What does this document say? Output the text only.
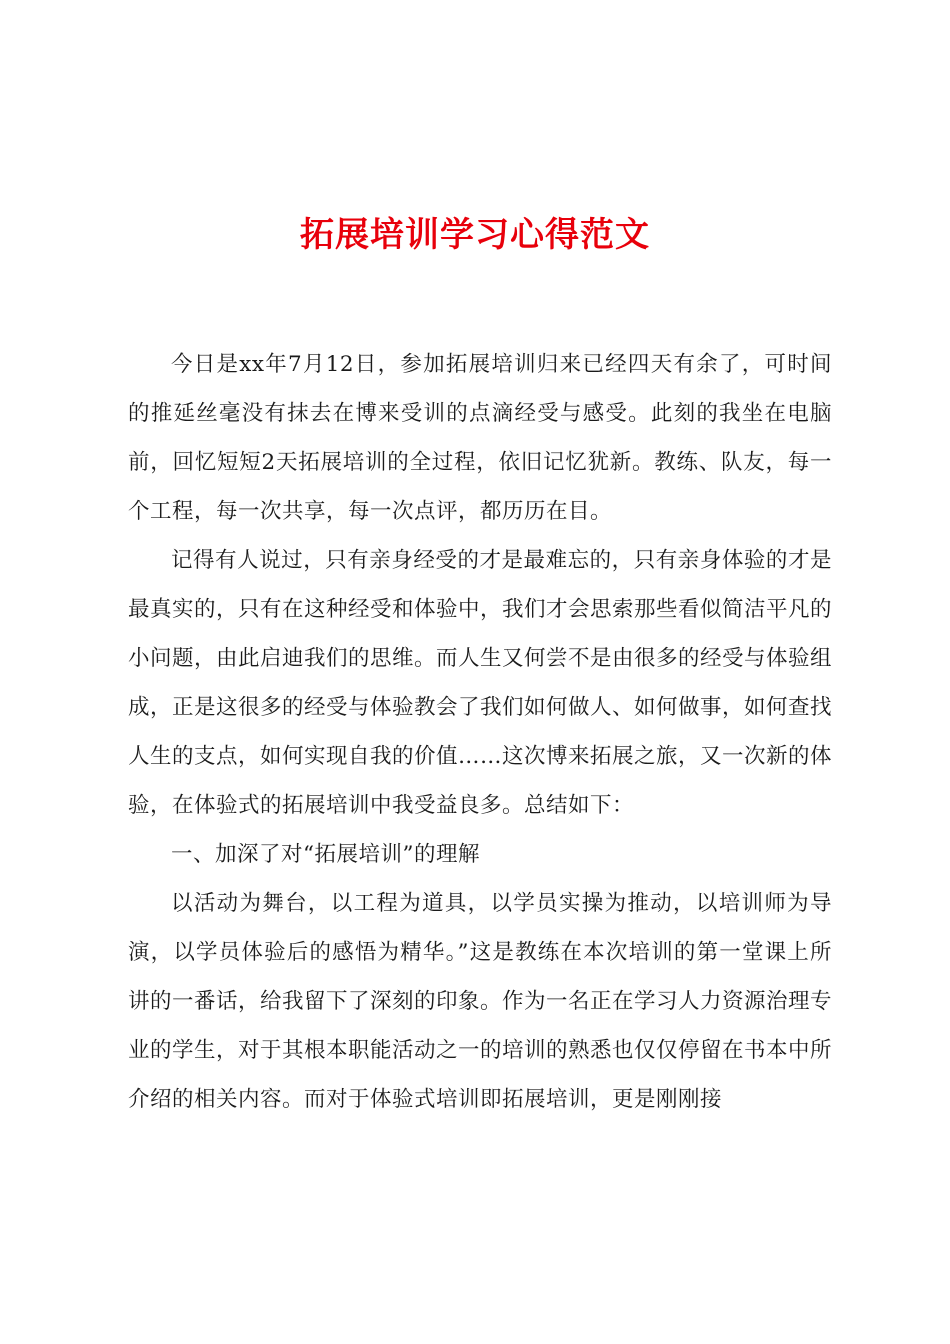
拓展培训学习心得范文

今日是xx年7月12日，参加拓展培训归来已经四天有余了，可时间的推延丝毫没有抹去在博来受训的点滴经受与感受。此刻的我坐在电脑前，回忆短短2天拓展培训的全过程，依旧记忆犹新。教练、队友，每一个工程，每一次共享，每一次点评，都历历在目。

记得有人说过，只有亲身经受的才是最难忘的，只有亲身体验的才是最真实的，只有在这种经受和体验中，我们才会思索那些看似简洁平凡的小问题，由此启迪我们的思维。而人生又何尝不是由很多的经受与体验组成，正是这很多的经受与体验教会了我们如何做人、如何做事，如何查找人生的支点，如何实现自我的价值……这次博来拓展之旅，又一次新的体验，在体验式的拓展培训中我受益良多。总结如下：

一、加深了对“拓展培训”的理解

以活动为舞台，以工程为道具，以学员实操为推动，以培训师为导演，以学员体验后的感悟为精华。”这是教练在本次培训的第一堂课上所讲的一番话，给我留下了深刻的印象。作为一名正在学习人力资源治理专业的学生，对于其根本职能活动之一的培训的熟悉也仅仅停留在书本中所介绍的相关内容。而对于体验式培训即拓展培训，更是刚刚接
